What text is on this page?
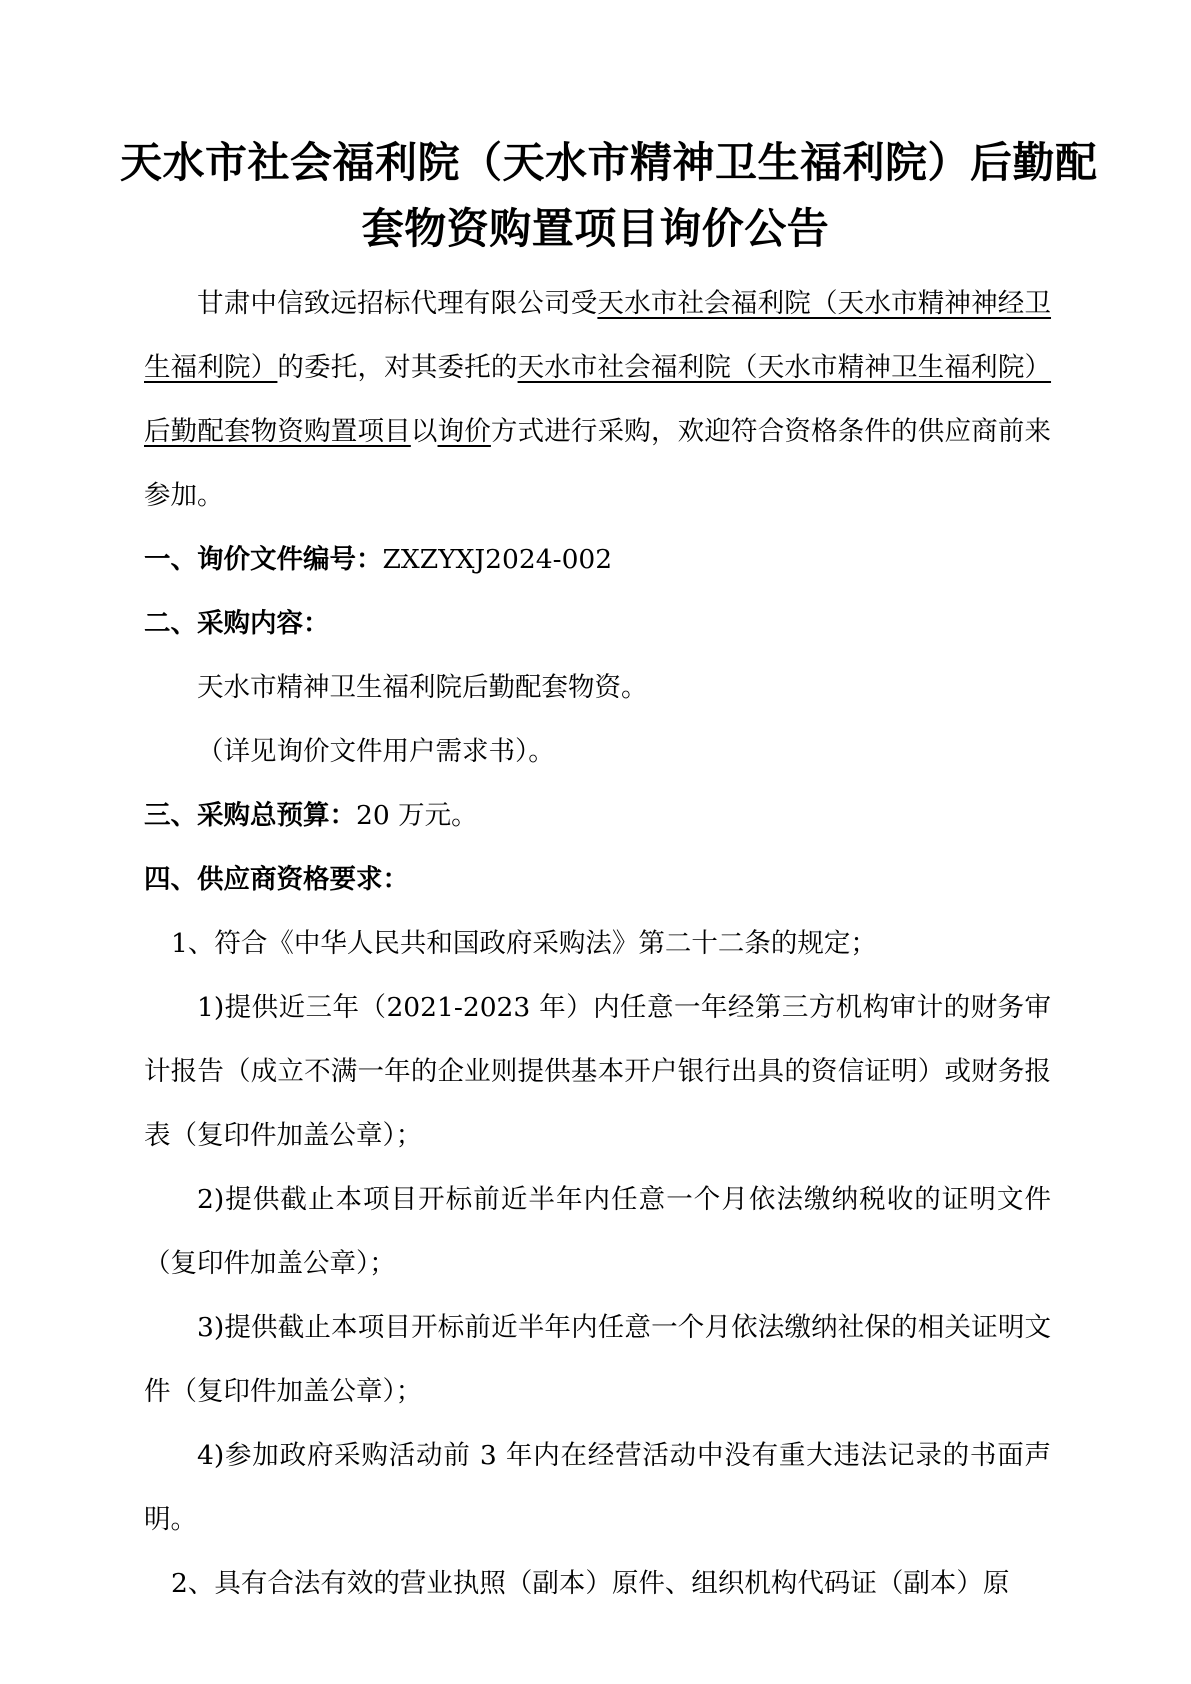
天水市社会福利院（天水市精神卫生福利院）后勤配
套物资购置项目询价公告

甘肃中信致远招标代理有限公司受天水市社会福利院（天水市精神神经卫生福利院）的委托，对其委托的天水市社会福利院（天水市精神卫生福利院）后勤配套物资购置项目以询价方式进行采购，欢迎符合资格条件的供应商前来参加。

一、询价文件编号：ZXZYXJ2024-002

二、采购内容：

天水市精神卫生福利院后勤配套物资。

（详见询价文件用户需求书）。

三、采购总预算：20 万元。

四、供应商资格要求：

1、符合《中华人民共和国政府采购法》第二十二条的规定；

1)提供近三年（2021-2023 年）内任意一年经第三方机构审计的财务审计报告（成立不满一年的企业则提供基本开户银行出具的资信证明）或财务报表（复印件加盖公章）；

2)提供截止本项目开标前近半年内任意一个月依法缴纳税收的证明文件（复印件加盖公章）；

3)提供截止本项目开标前近半年内任意一个月依法缴纳社保的相关证明文件（复印件加盖公章）；

4)参加政府采购活动前 3 年内在经营活动中没有重大违法记录的书面声明。

2、具有合法有效的营业执照（副本）原件、组织机构代码证（副本）原
